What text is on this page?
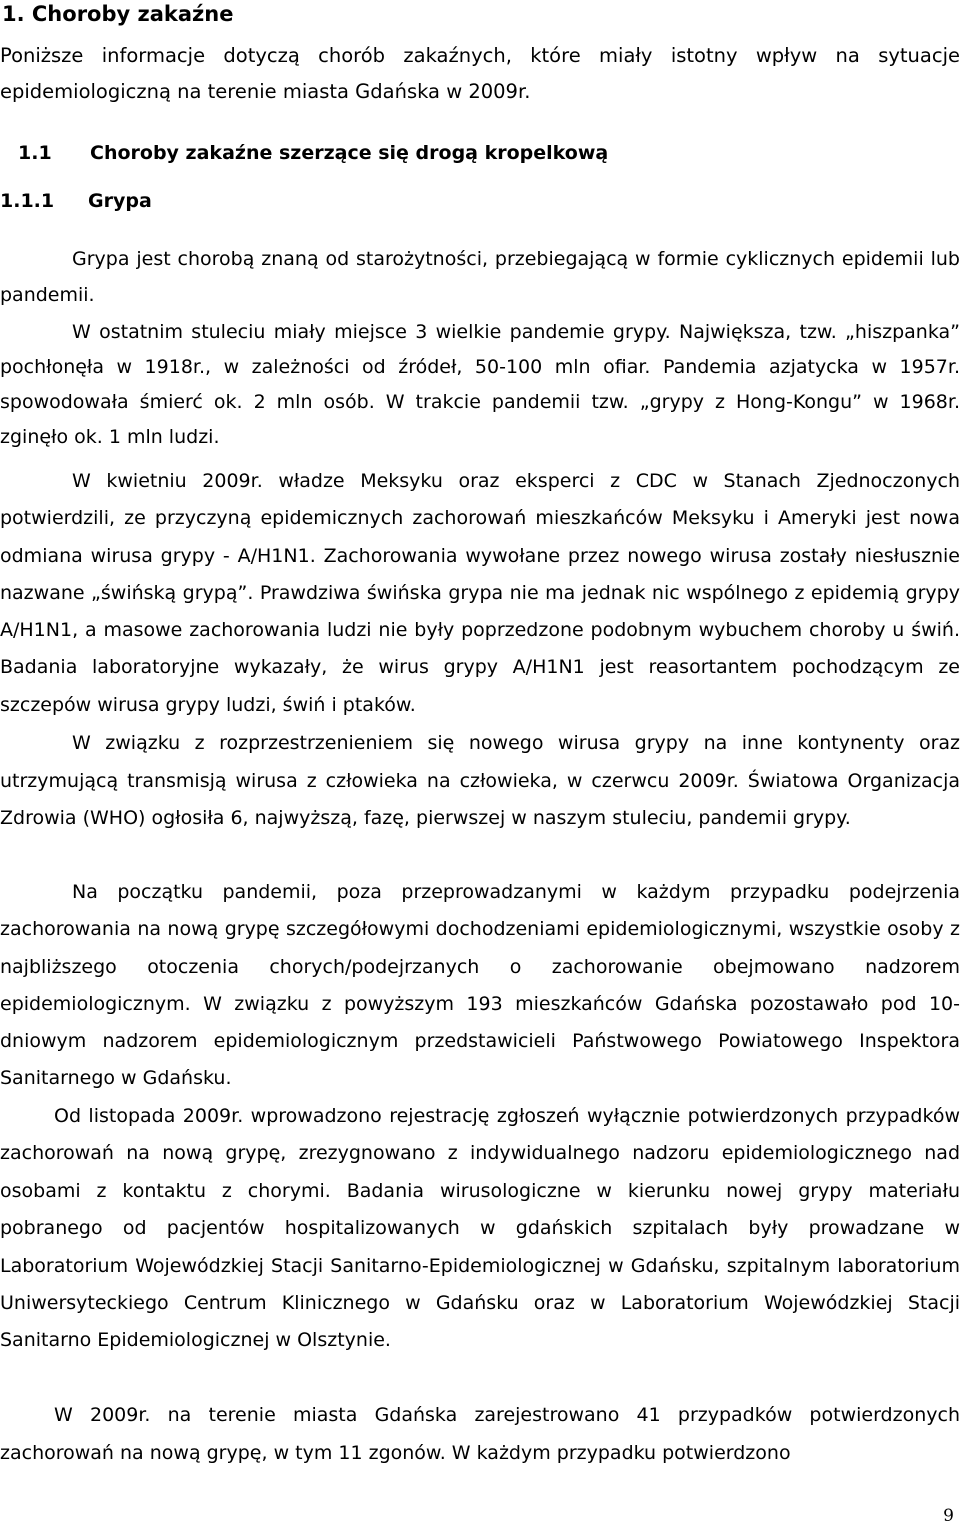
1. Choroby zakaźne

Poniższe informacje dotyczą chorób zakaźnych, które miały istotny wpływ na sytuacje epidemiologiczną na terenie miasta Gdańska w 2009r.

1.1 Choroby zakaźne szerzące się drogą kropelkową
1.1.1 Grypa

Grypa jest chorobą znaną od starożytności, przebiegającą w formie cyklicznych epidemii lub pandemii.

W ostatnim stuleciu miały miejsce 3 wielkie pandemie grypy. Największa, tzw. „hiszpanka” pochłonęła w 1918r., w zależności od źródeł, 50-100 mln ofiar. Pandemia azjatycka w 1957r. spowodowała śmierć ok. 2 mln osób. W trakcie pandemii tzw. „grypy z Hong-Kongu” w 1968r. zginęło ok. 1 mln ludzi.

W kwietniu 2009r. władze Meksyku oraz eksperci z CDC w Stanach Zjednoczonych potwierdzili, ze przyczyną epidemicznych zachorowań mieszkańców Meksyku i Ameryki jest nowa odmiana wirusa grypy - A/H1N1. Zachorowania wywołane przez nowego wirusa zostały niesłusznie nazwane „świńską grypą”. Prawdziwa świńska grypa nie ma jednak nic wspólnego z epidemią grypy A/H1N1, a masowe zachorowania ludzi nie były poprzedzone podobnym wybuchem choroby u świń. Badania laboratoryjne wykazały, że wirus grypy A/H1N1 jest reasortantem pochodzącym ze szczepów wirusa grypy ludzi, świń i ptaków.

W związku z rozprzestrzenieniem się nowego wirusa grypy na inne kontynenty oraz utrzymującą transmisją wirusa z człowieka na człowieka, w czerwcu 2009r. Światowa Organizacja Zdrowia (WHO) ogłosiła 6, najwyższą, fazę, pierwszej w naszym stuleciu, pandemii grypy.

Na początku pandemii, poza przeprowadzanymi w każdym przypadku podejrzenia zachorowania na nową grypę szczegółowymi dochodzeniami epidemiologicznymi, wszystkie osoby z najbliższego otoczenia chorych/podejrzanych o zachorowanie obejmowano nadzorem epidemiologicznym. W związku z powyższym 193 mieszkańców Gdańska pozostawało pod 10-dniowym nadzorem epidemiologicznym przedstawicieli Państwowego Powiatowego Inspektora Sanitarnego w Gdańsku.

Od listopada 2009r. wprowadzono rejestrację zgłoszeń wyłącznie potwierdzonych przypadków zachorowań na nową grypę, zrezygnowano z indywidualnego nadzoru epidemiologicznego nad osobami z kontaktu z chorymi. Badania wirusologiczne w kierunku nowej grypy materiału pobranego od pacjentów hospitalizowanych w gdańskich szpitalach były prowadzane w Laboratorium Wojewódzkiej Stacji Sanitarno-Epidemiologicznej w Gdańsku, szpitalnym laboratorium Uniwersyteckiego Centrum Klinicznego w Gdańsku oraz w Laboratorium Wojewódzkiej Stacji Sanitarno Epidemiologicznej w Olsztynie.

W 2009r. na terenie miasta Gdańska zarejestrowano 41 przypadków potwierdzonych zachorowań na nową grypę, w tym 11 zgonów. W każdym przypadku potwierdzono

9
